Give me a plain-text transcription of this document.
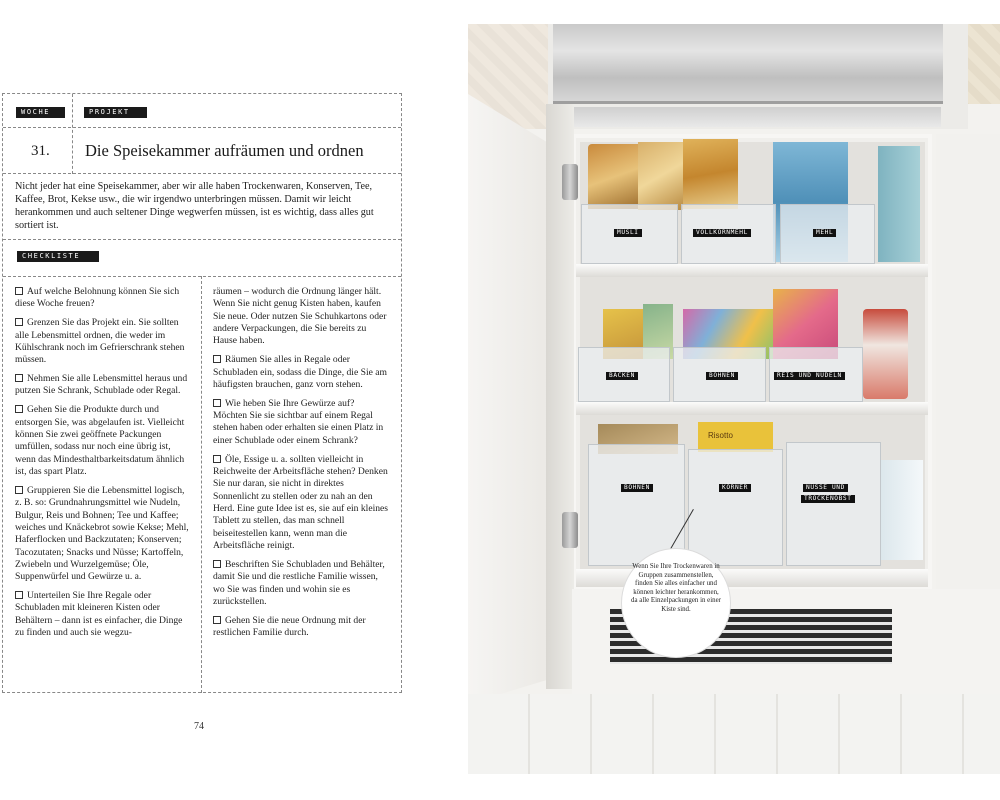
WOCHE	PROJEKT
31. Die Speisekammer aufräumen und ordnen

Nicht jeder hat eine Speisekammer, aber wir alle haben Trockenwaren, Konserven, Tee, Kaffee, Brot, Kekse usw., die wir irgendwo unterbringen müssen. Damit wir leicht herankommen und auch seltener Dinge wegwerfen müssen, ist es wichtig, dass alles gut sortiert ist.

CHECKLISTE

Auf welche Belohnung können Sie sich diese Woche freuen?

Grenzen Sie das Projekt ein. Sie sollten alle Lebensmittel ordnen, die weder im Kühlschrank noch im Gefrierschrank stehen müssen.

Nehmen Sie alle Lebensmittel heraus und putzen Sie Schrank, Schublade oder Regal.

Gehen Sie die Produkte durch und entsorgen Sie, was abgelaufen ist. Vielleicht können Sie zwei geöffnete Packungen umfüllen, sodass nur noch eine übrig ist, wenn das Mindesthaltbarkeitsdatum ähnlich ist, das spart Platz.

Gruppieren Sie die Lebensmittel logisch, z. B. so: Grundnahrungsmittel wie Nudeln, Bulgur, Reis und Bohnen; Tee und Kaffee; weiches und Knäckebrot sowie Kekse; Mehl, Haferflocken und Backzutaten; Konserven; Tacozutaten; Snacks und Nüsse; Kartoffeln, Zwiebeln und Wurzelgemüse; Öle, Suppenwürfel und Gewürze u. a.

Unterteilen Sie Ihre Regale oder Schubladen mit kleineren Kisten oder Behältern – dann ist es einfacher, die Dinge zu finden und auch sie wegzu-

räumen – wodurch die Ordnung länger hält. Wenn Sie nicht genug Kisten haben, kaufen Sie neue. Oder nutzen Sie Schuhkartons oder andere Verpackungen, die Sie bereits zu Hause haben.

Räumen Sie alles in Regale oder Schubladen ein, sodass die Dinge, die Sie am häufigsten brauchen, ganz vorn stehen.

Wie heben Sie Ihre Gewürze auf? Möchten Sie sie sichtbar auf einem Regal stehen haben oder erhalten sie einen Platz in einer Schublade oder einem Schrank?

Öle, Essige u. a. sollten vielleicht in Reichweite der Arbeitsfläche stehen? Denken Sie nur daran, sie nicht in direktes Sonnenlicht zu stellen oder zu nah an den Herd. Eine gute Idee ist es, sie auf ein kleines Tablett zu stellen, das man schnell beiseitestellen kann, wenn man die Arbeitsfläche reinigt.

Beschriften Sie Schubladen und Behälter, damit Sie und die restliche Familie wissen, wo Sie was finden und wohin sie es zurückstellen.

Gehen Sie die neue Ordnung mit der restlichen Familie durch.

74
MÜSLI	VOLLKORNMEHL	MEHL
BACKEN	BOHNEN	REIS UND NUDELN
Risotto
BOHNEN	KÖRNER	NÜSSE UND
TROCKENOBST

Wenn Sie Ihre Trockenwaren in Gruppen zusammenstellen, finden Sie alles einfacher und können leichter herankommen, da alle Einzelpackungen in einer Kiste sind.
